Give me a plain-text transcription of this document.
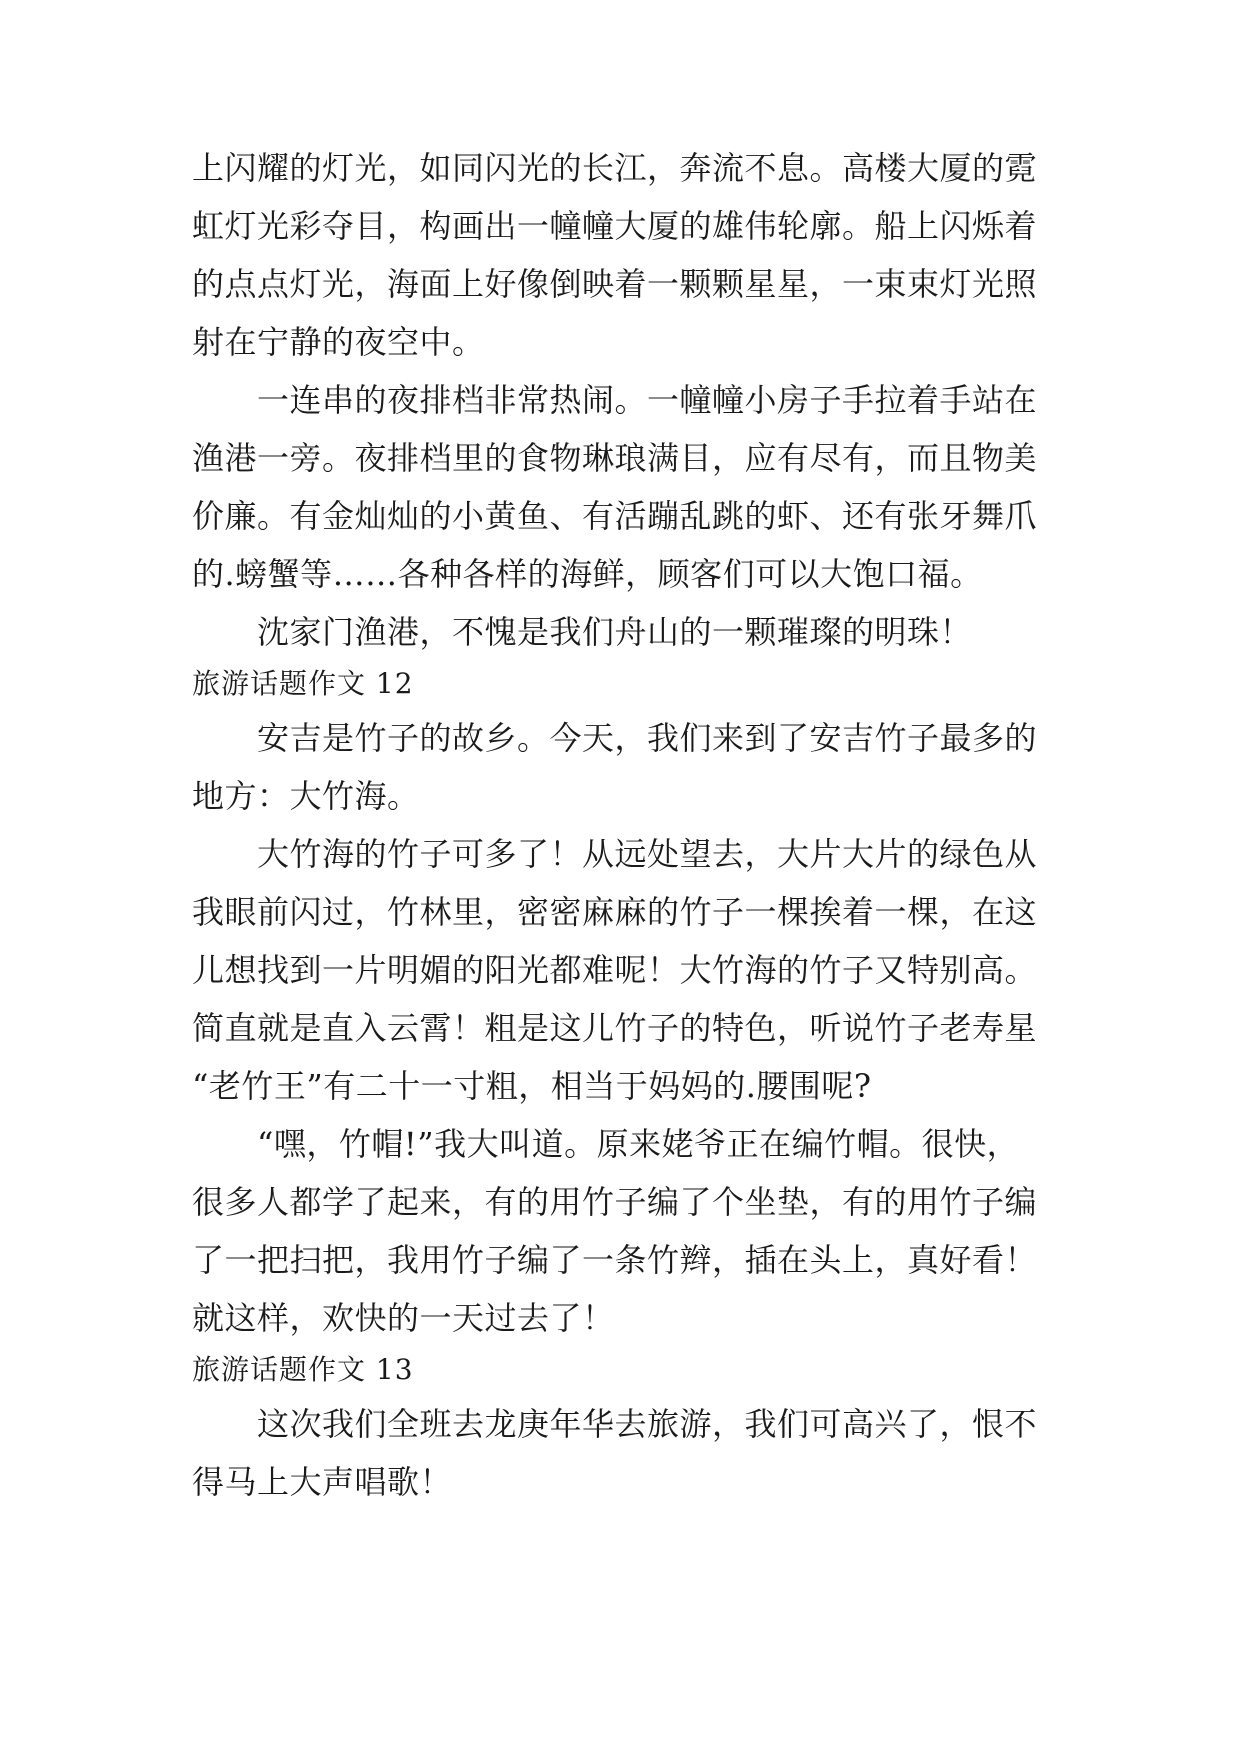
上闪耀的灯光，如同闪光的长江，奔流不息。高楼大厦的霓
虹灯光彩夺目，构画出一幢幢大厦的雄伟轮廓。船上闪烁着
的点点灯光，海面上好像倒映着一颗颗星星，一束束灯光照
射在宁静的夜空中。
一连串的夜排档非常热闹。一幢幢小房子手拉着手站在
渔港一旁。夜排档里的食物琳琅满目，应有尽有，而且物美
价廉。有金灿灿的小黄鱼、有活蹦乱跳的虾、还有张牙舞爪
的.螃蟹等……各种各样的海鲜，顾客们可以大饱口福。
沈家门渔港，不愧是我们舟山的一颗璀璨的明珠！
旅游话题作文 12
安吉是竹子的故乡。今天，我们来到了安吉竹子最多的
地方：大竹海。
大竹海的竹子可多了！从远处望去，大片大片的绿色从
我眼前闪过，竹林里，密密麻麻的竹子一棵挨着一棵，在这
儿想找到一片明媚的阳光都难呢！大竹海的竹子又特别高。
简直就是直入云霄！粗是这儿竹子的特色，听说竹子老寿星
“老竹王”有二十一寸粗，相当于妈妈的.腰围呢?
“嘿，竹帽!”我大叫道。原来姥爷正在编竹帽。很快，
很多人都学了起来，有的用竹子编了个坐垫，有的用竹子编
了一把扫把，我用竹子编了一条竹辫，插在头上，真好看！
就这样，欢快的一天过去了！
旅游话题作文 13
这次我们全班去龙庚年华去旅游，我们可高兴了，恨不
得马上大声唱歌！
